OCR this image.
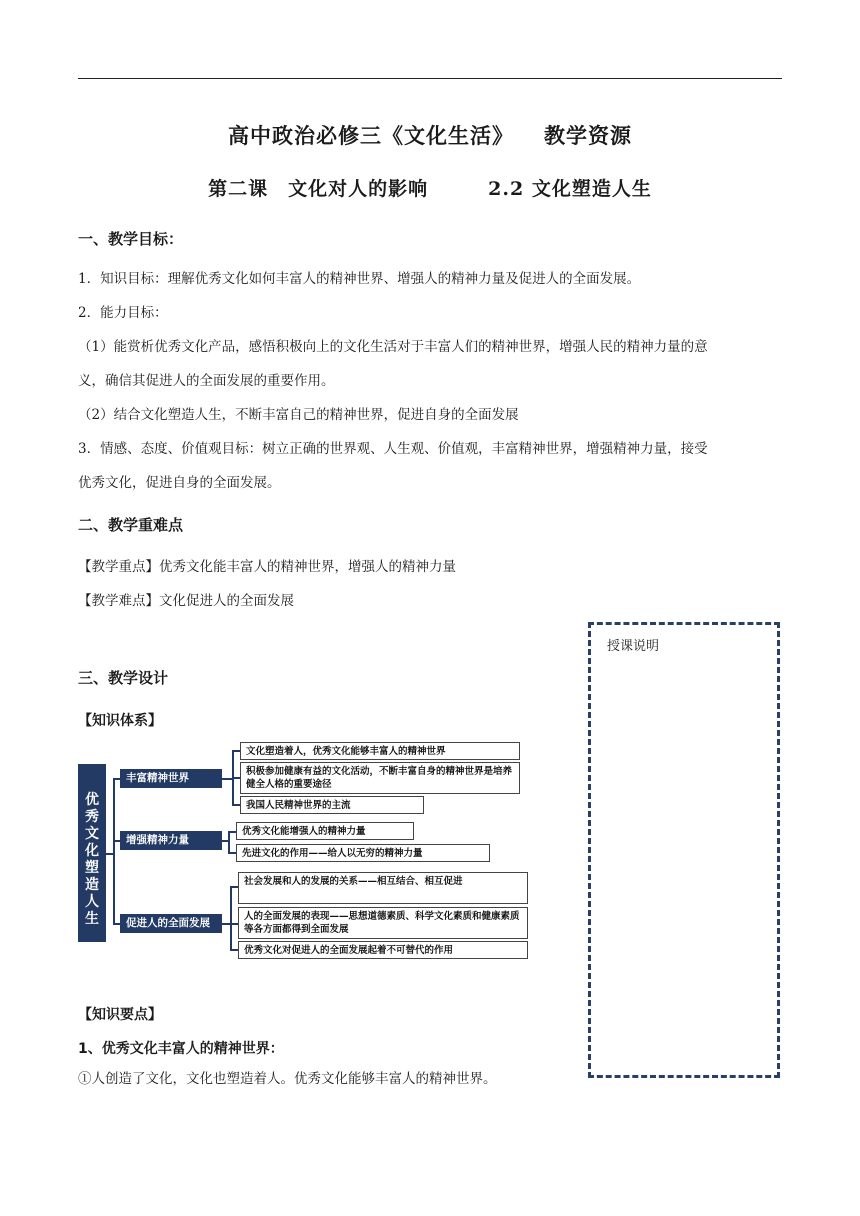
高中政治必修三《文化生活》 教学资源
第二课　文化对人的影响	2.2 文化塑造人生
一、教学目标：
1．知识目标：理解优秀文化如何丰富人的精神世界、增强人的精神力量及促进人的全面发展。
2．能力目标：
（1）能赏析优秀文化产品，感悟积极向上的文化生活对于丰富人们的精神世界，增强人民的精神力量的意
义，确信其促进人的全面发展的重要作用。
（2）结合文化塑造人生，不断丰富自己的精神世界，促进自身的全面发展
3．情感、态度、价值观目标：树立正确的世界观、人生观、价值观，丰富精神世界，增强精神力量，接受
优秀文化，促进自身的全面发展。
二、教学重难点
【教学重点】优秀文化能丰富人的精神世界，增强人的精神力量
【教学难点】文化促进人的全面发展
授课说明
三、教学设计
【知识体系】
优秀文化塑造人生
丰富精神世界
增强精神力量
促进人的全面发展
文化塑造着人，优秀文化能够丰富人的精神世界
积极参加健康有益的文化活动，不断丰富自身的精神世界是培养健全人格的重要途径
我国人民精神世界的主流
优秀文化能增强人的精神力量
先进文化的作用——给人以无穷的精神力量
社会发展和人的发展的关系——相互结合、相互促进
人的全面发展的表现——思想道德素质、科学文化素质和健康素质等各方面都得到全面发展
优秀文化对促进人的全面发展起着不可替代的作用
【知识要点】
1、优秀文化丰富人的精神世界：
①人创造了文化，文化也塑造着人。优秀文化能够丰富人的精神世界。
